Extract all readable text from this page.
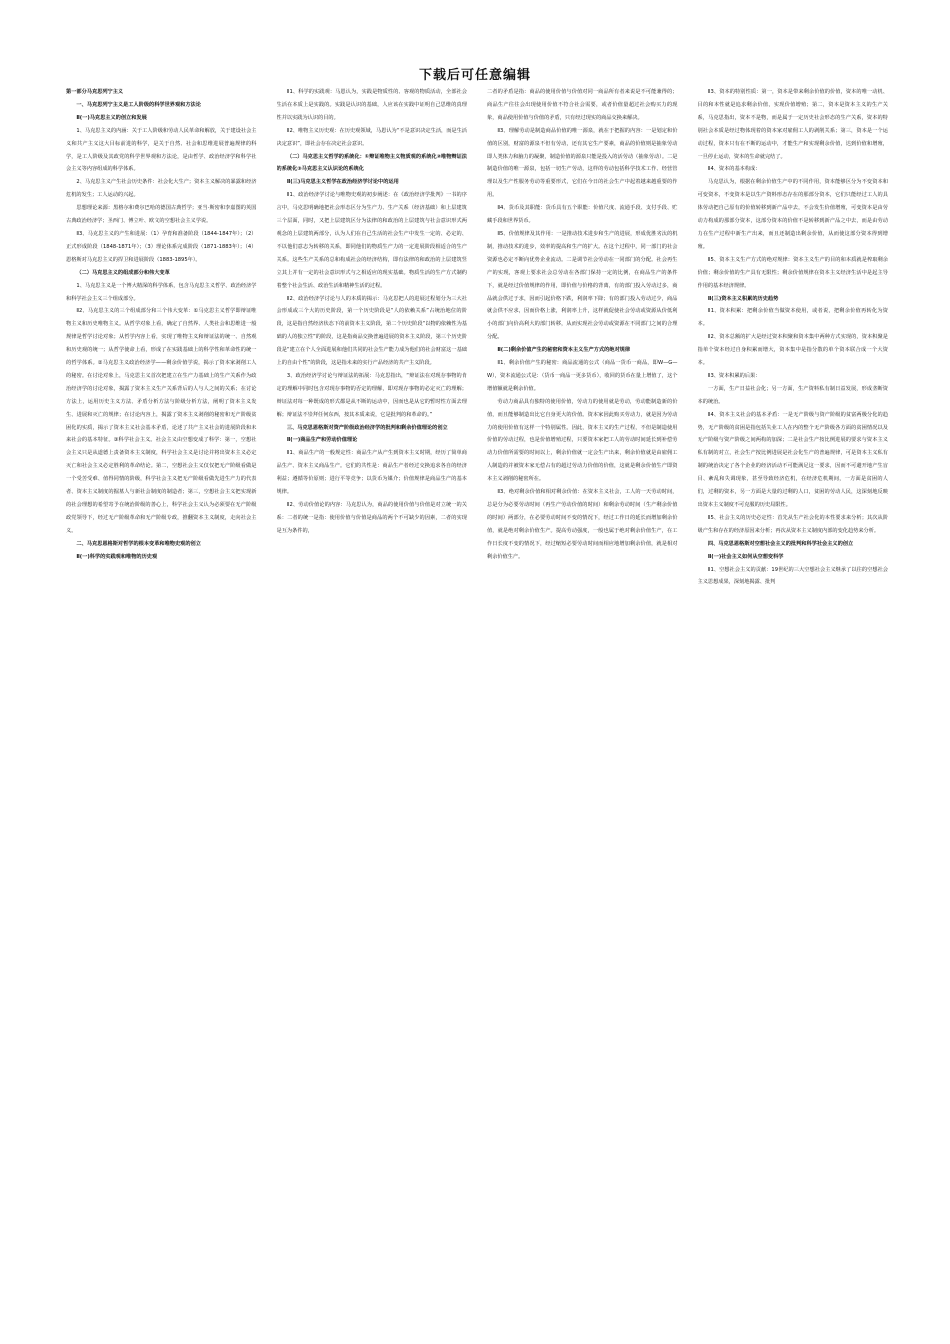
下载后可任意编辑

第一部分马克思列宁主义

一、马克思列宁主义是工人阶级的科学世界观和方法论

Ⅱ(一)马克思主义的创立和发展

1、马克思主义的内涵：关于工人阶级和劳动人民革命和解放，关于建设社会主义和共产主义这大目标前进的科学，是关于自然、社会和思维进展普遍规律的科学，是工人阶级及其政党的科学世界观和方法论，是由哲学、政治经济学和科学社会主义等内容组成的科学体系。

2、马克思主义产生社会历史条件：社会化大生产；资本主义解决的暴露和经济危机的发生；工人运动的兴起。

思想理论来源：黑格尔和费尔巴哈的德国古典哲学；亚当·斯密和李嘉图的英国古典政治经济学；圣西门、傅立叶、欧文的空想社会主义学说。

Ⅱ3、马克思主义的产生和进展：（1）孕育和准备阶段（1844-1847年）；（2）正式形成阶段（1848-1871年）；（3）理论体系完成阶段（1871-1883年）；（4）恩格斯对马克思主义的捍卫和进展阶段（1883-1895年）。

（二）马克思主义的组成部分和伟大变革

1、马克思主义是一个博大精深的科学体系，包含马克思主义哲学、政治经济学和科学社会主义三个组成部分。

Ⅱ2、马克思主义的三个组成部分和三个伟大变革：①马克思主义哲学即辩证唯物主义和历史唯物主义。从哲学对象上看，确定了自然界、人类社会和思维进一般规律是哲学讨论对象；从哲学内容上看，实现了唯物主义和辩证法的统一、自然观和历史观的统一；从哲学使命上看，形成了在实践基础上的科学性和革命性的统一的哲学体系。②马克思主义政治经济学——剩余价值学说，揭示了资本家剥削工人的秘密。在讨论对象上，马克思主义首次把建立在生产力基础上的生产关系作为政治经济学的讨论对象，揭露了资本主义生产关系背后的人与人之间的关系；在讨论方法上，运用历史主义方法、矛盾分析方法与阶级分析方法，阐明了资本主义发生、进展和灭亡的规律；在讨论内容上，揭露了资本主义剥削的秘密和无产阶级贫困化的实质，揭示了资本主义社会基本矛盾，论述了共产主义社会的进展阶段和未来社会的基本特征。③科学社会主义。社会主义由空想变成了科学：第一，空想社会主义只是从道德上责备资本主义制度，科学社会主义是讨论并将出资本主义必定灭亡和社会主义必定胜利的革命结论。第二，空想社会主义仅仅把无产阶级看做是一个受苦受难、值得同情的阶级，科学社会主义把无产阶级看做先进生产力的代表者、资本主义制度的掘墓人与新社会制度的制造者；第三，空想社会主义把实现新的社会理想的希望寄予在统治阶级的善心上，科学社会主义认为必须要在无产阶级政党领导下，经过无产阶级革命和无产阶级专政，推翻资本主义制度，走向社会主义。

二、马克思恩格斯对哲学的根本变革和唯物史观的创立

Ⅱ(一)科学的实践观和唯物的历史观

Ⅱ1、科学的实践观：马恩认为，实践是物质性的、客观的物质活动，全部社会生活在本质上是实践的。实践是认识的基础，人应该在实践中证明自己思维的真理性并以实践为认识的目的。

Ⅱ2、唯物主义历史观：在历史观领域，马恩认为“不是意识决定生活，而是生活决定意识”，即社会存在决定社会意识。

（二）马克思主义哲学的系统化：①辩证唯物主义物质观的系统化②唯物辩证法的系统化③马克思主义认识论的系统化

Ⅱ(三)马克思主义哲学在政治经济学讨论中的运用

Ⅱ1、政治经济学讨论与唯物史观的初步阐述：在《政治经济学批判》一书的序言中，马克思明确地把社会形态区分为生产力、生产关系（经济基础）和上层建筑三个层面，同时，又把上层建筑区分为法律的和政治的上层建筑与社会意识形式两观念的上层建筑两部分，认为人们在自己生活的社会生产中发生一定的、必定的、不以他们意志为转移的关系，即同他们的物质生产力的一定进展阶段相适合的生产关系。这些生产关系的总和构成社会的经济结构，即有法律的和政治的上层建筑竖立其上并有一定的社会意识形式与之相适应的现实基础。物质生活的生产方式制约着整个社会生活、政治生活和精神生活的过程。

Ⅱ2、政治经济学讨论与人的本质的揭示：马克思把人的进展过程划分为三大社会形成或三个大的历史阶段，第一个历史阶段是“人的依赖关系”占统治地位的阶段，这是指自然经济状态下的前资本主义阶段，第二个历史阶段“以物的依赖性为基础的人的独立性”的阶段，这是指商品交换普遍进展的资本主义阶段，第三个历史阶段是“建立在个人全面进展和他们共同的社会生产能力成为他们的社会财富这一基础上的自由个性”的阶段，这是指未来的实行产品经济的共产主义阶段。

3、政治经济学讨论与辩证法的拓展：马克思指出，“辩证法在对现存事物的肯定的理解中同时包含对现存事物的否定的理解，即对现存事物的必定灭亡的理解；辩证法对每一种既成的形式都是从不断的运动中，因而也是从它的暂时性方面去理解；辩证法不崇拜任何东西，按其本质来说，它是批判的和革命的。”

三、马克思恩格斯对资产阶级政治经济学的批判和剩余价值理论的创立

Ⅱ(一)商品生产和劳动价值理论

Ⅱ1、商品生产的一般规定性：商品生产从产生到资本主义时期，经历了简单商品生产、资本主义商品生产。它们的共性是：商品生产者经过交换追求各自的经济利益；遵循等价原则；进行平等竞争；以货币为媒介；价值规律是商品生产的基本规律。

Ⅱ2、劳动价值论的内容：马克思认为，商品的使用价值与价值是对立统一的关系：二者的统一是指：使用价值与价值是商品的两个不可缺少的因素，二者的实现是互为条件的，

二者的矛盾是指：商品的使用价值与价值对同一商品所有者来说是不可能兼得的；商品生产往往会出现使用价值不符合社会需要，或者价值量超过社会购买力的现象，商品使用价值与价值的矛盾，只有经过现实的商品交换来解决。

Ⅱ3、理解劳动是制造商品价值的唯一源泉，就在于把握的内容：一是划定和价值的区别，财富的源泉不但有劳动，还有其它生产要素，商品的价值则是抽象劳动即人类体力和脑力的凝聚，制造价值的源泉只能是投入的活劳动（抽象劳动）。二是制造价值的唯一源泉，包括一切生产劳动，这样的劳动包括科学技术工作、经营管理以及生产性服务劳动等重要形式，它们在今日的社会生产中起着越来越重要的作用。

Ⅱ4、货币及其职能：货币具有五个职能：价值尺度、流通手段、支付手段、贮藏手段和世界货币。

Ⅱ5、价值规律及其作用：一是推动技术进步和生产的进展，形成优胜劣汰的机制，推动技术的进步，效率的提高和生产的扩大。在这个过程中，同一部门的社会资源也必定不断向优势企业流动。二是调节社会劳动在一同部门的分配。社会再生产的实现，客观上要求社会总劳动在各部门保持一定的比例，在商品生产的条件下，就是经过价值规律的作用，即价值与价格的背离，有的部门投入劳动过多，商品就会供过于求，因而引起价格下跌，利润率下降；有的部门投入劳动过少，商品就会供不应求，因而价格上涨，利润率上升，这样就促使社会劳动或资源从价低利小的部门向价高利大的部门转移，从而实现社会劳动或资源在不同部门之间的合理分配。

Ⅱ(二)剩余价值产生的秘密和资本主义生产方式的绝对规律

Ⅱ1、剩余价值产生的秘密：商品流通的公式（商品一货币一商品，即W—G—W），资本流通公式是：（货币一商品一更多货币），收回的货币在量上增值了，这个增值额就是剩余价值。

劳动力商品具有独特的使用价值，劳动力的使用就是劳动，劳动能制造新的价值，而且能够制造出比它自身更大的价值。资本家因此购买劳动力，就是因为劳动力的使用价值有这样一个特别属性。因此，资本主义的生产过程，不但是制造使用价值的劳动过程，也是价值增殖过程，只要资本家把工人的劳动时间延长到补偿劳动力价值所需要的时间以上，剩余价值就一定会生产出来，剩余价值就是由雇佣工人制造的并被资本家无偿占有的超过劳动力价值的价值，这就是剩余价值生产即资本主义剥削的秘密所在。

Ⅱ3、绝对剩余价值和相对剩余价值：在资本主义社会，工人的一天劳动时间，总是分为必要劳动时间（再生产劳动价值的时间）和剩余劳动时间（生产剩余价值的时间）两部分，在必要劳动时间不变的情况下，经过工作日的延长而增加剩余价值，就是绝对剩余价值生产。提高劳动强度，一般也属于绝对剩余价值生产，在工作日长度不变的情况下，经过缩短必要劳动时间而相应地增加剩余价值，就是相对剩余价值生产。

Ⅱ3、资本的特别性质：第一，资本是带来剩余价值的价值，资本的唯一动机、目的和本性就是追求剩余价值，实现价值增殖；第二，资本是资本主义的生产关系，马克思指出，资本不是物，而是属于一定历史社会形态的生产关系，资本的特别社会本质是经过物体现着的资本家对雇佣工人的剥削关系；第三，资本是一个运动过程，资本只有在不断的运动中，才能生产和实现剩余价值，达到价值和增殖，一旦停止运动，资本的生命就完结了。

Ⅱ4、资本的基本构成：

马克思认为，根据在剩余价值生产中的不同作用，资本能够区分为不变资本和可变资本，不变资本是以生产资料形态存在的那部分资本，它们只能经过工人的具体劳动把自己原有的价值转移到新产品中去，不会发生价值增殖，可变资本是由劳动力构成的那部分资本，这部分资本的价值不是转移到新产品之中去，而是由劳动力在生产过程中新生产出来，而且还制造出剩余价值，从而使这部分资本得到增殖。

Ⅱ5、资本主义生产方式的绝对规律：资本主义生产的目的和本质就是榨取剩余价值；剩余价值的生产具有无限性；剩余价值规律在资本主义经济生活中是起主导作用的基本经济规律。

Ⅱ(三)资本主义积累的历史趋势

Ⅱ1、资本积累：把剩余价值当做资本使用，或者说，把剩余价值再转化为资本。

Ⅱ2、资本总额的扩大是经过资本积聚和资本集中两种方式实现的，资本积聚是指单个资本经过自身积累而增大，资本集中是指分散的单个资本联合成一个大资本。

Ⅱ3、资本积累的后果：

一方面，生产日益社会化；另一方面，生产资料私有制日益发展，形成垄断资本的统治。

Ⅱ4、资本主义社会的基本矛盾：一是无产阶级与资产阶级的贫富两极分化的趋势，无产阶级的贫困是指包括失业工人在内的整个无产阶级各方面的贫困情况以及无产阶级与资产阶级之间两构的加深；二是社会生产按比例进展的要求与资本主义私有制的对立，社会生产按比例进展是社会化生产的普遍规律，可是资本主义私有制的统治决定了各个企业的经济活动不可能满足这一要求，因而不可避开地产生盲目、紊乱和失调现象，甚至导致经济危机，在经济危机期间，一方面是贫困的人们，过剩的资本，另一方面是大量的过剩的人口，贫困的劳动人民，这深刻地反映出资本主义制度不可克服的历史局限性。

Ⅱ5、社会主义的历史必定性：首先从生产社会化的本性要求来分析；其次从阶级产生和存在的经济原因来分析；再次从资本主义制度内部的变化趋势来分析。

四、马克思恩格斯对空想社会主义的批判和科学社会主义的创立

Ⅱ(一)社会主义如何从空想变科学

Ⅱ1、空想社会主义的贡献：19世纪的三大空想社会主义继承了以往的空想社会主义思想成果，深刻地揭露、批判
